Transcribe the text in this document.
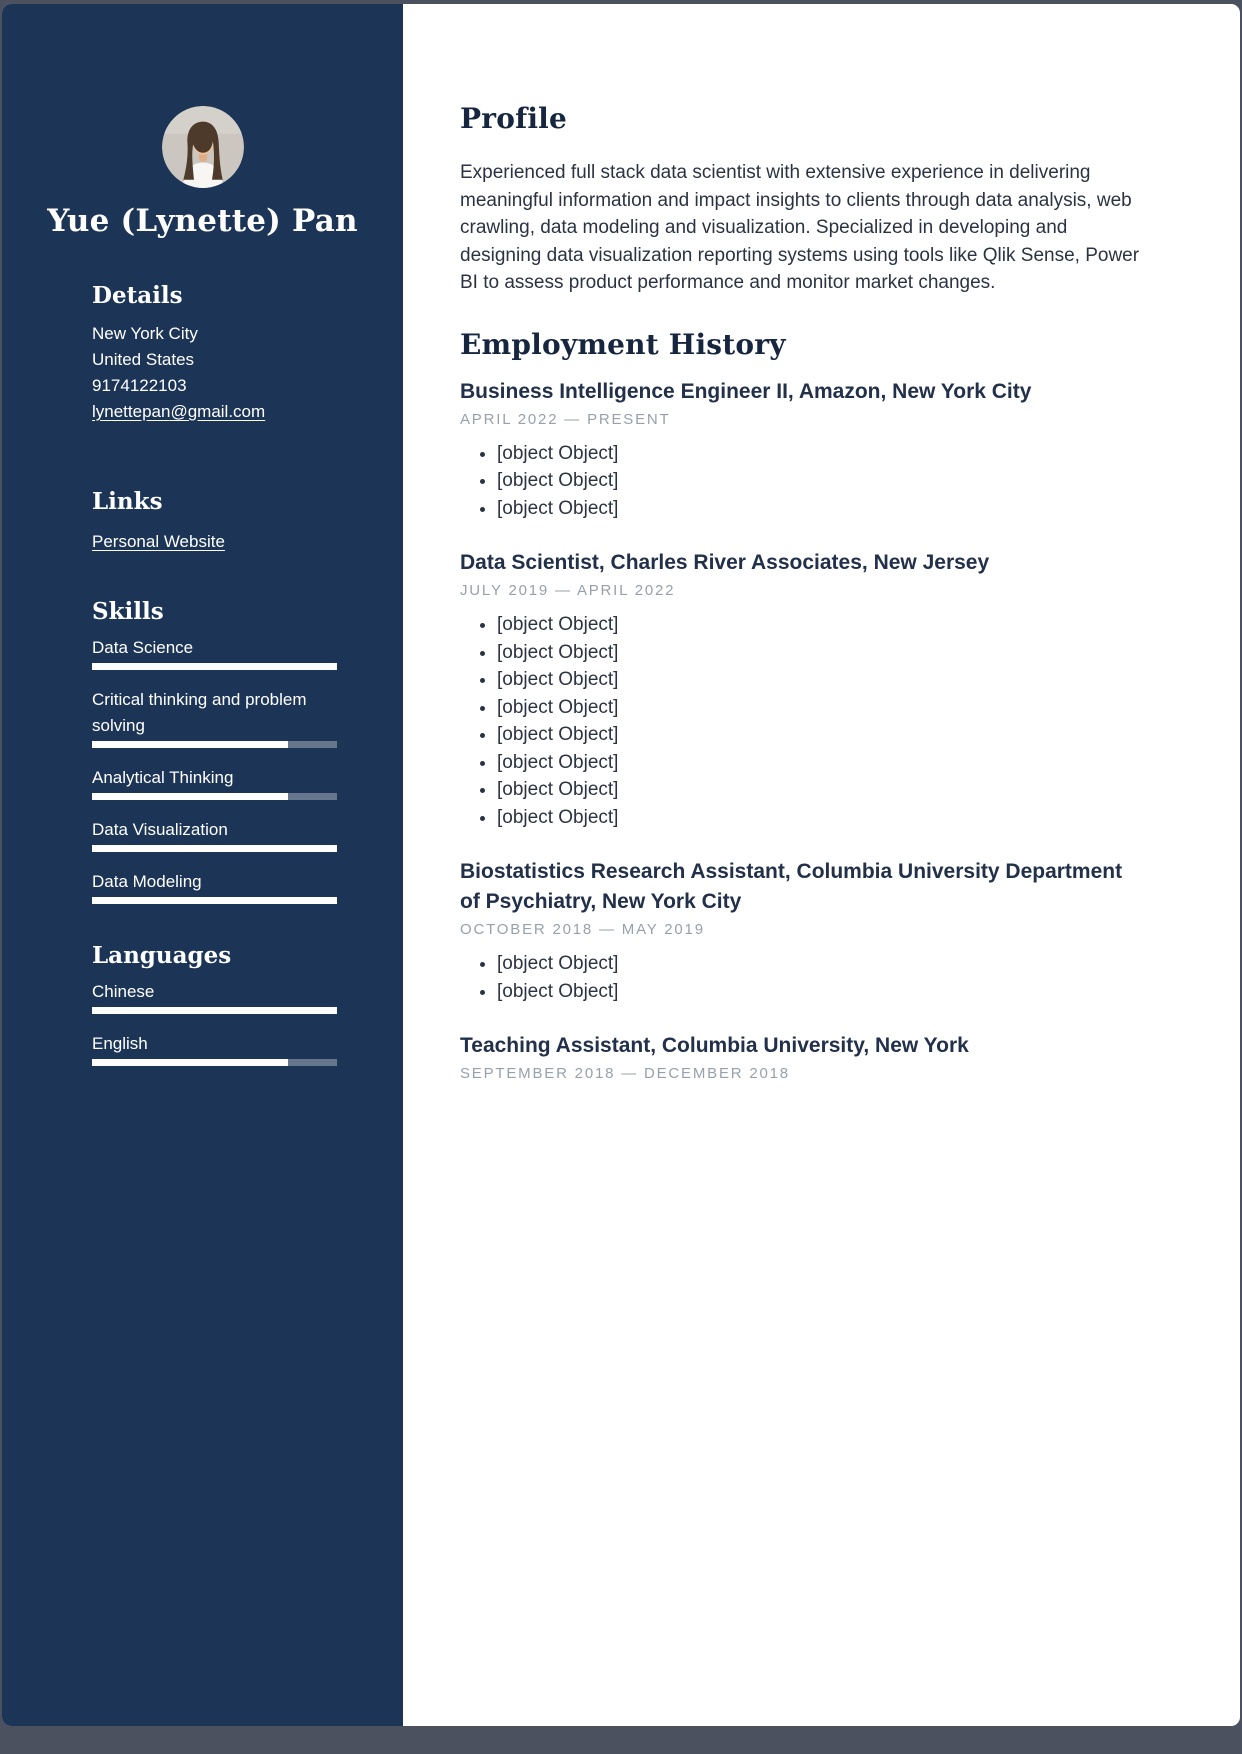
Yue (Lynette) Pan
Details
New York City
United States
9174122103
lynettepan@gmail.com
Links
Personal Website
Skills
Data Science
Critical thinking and problem solving
Analytical Thinking
Data Visualization
Data Modeling
Languages
Chinese
English
Profile

Experienced full stack data scientist with extensive experience in delivering meaningful information and impact insights to clients through data analysis, web crawling, data modeling and visualization. Specialized in developing and designing data visualization reporting systems using tools like Qlik Sense, Power BI to assess product performance and monitor market changes.

Employment History
Business Intelligence Engineer II, Amazon, New York City
APRIL 2022 — PRESENT
• [object Object]
• [object Object]
• [object Object]
Data Scientist, Charles River Associates, New Jersey
JULY 2019 — APRIL 2022
• [object Object]
• [object Object]
• [object Object]
• [object Object]
• [object Object]
• [object Object]
• [object Object]
• [object Object]
Biostatistics Research Assistant, Columbia University Department of Psychiatry, New York City
OCTOBER 2018 — MAY 2019
• [object Object]
• [object Object]
Teaching Assistant, Columbia University, New York
SEPTEMBER 2018 — DECEMBER 2018
